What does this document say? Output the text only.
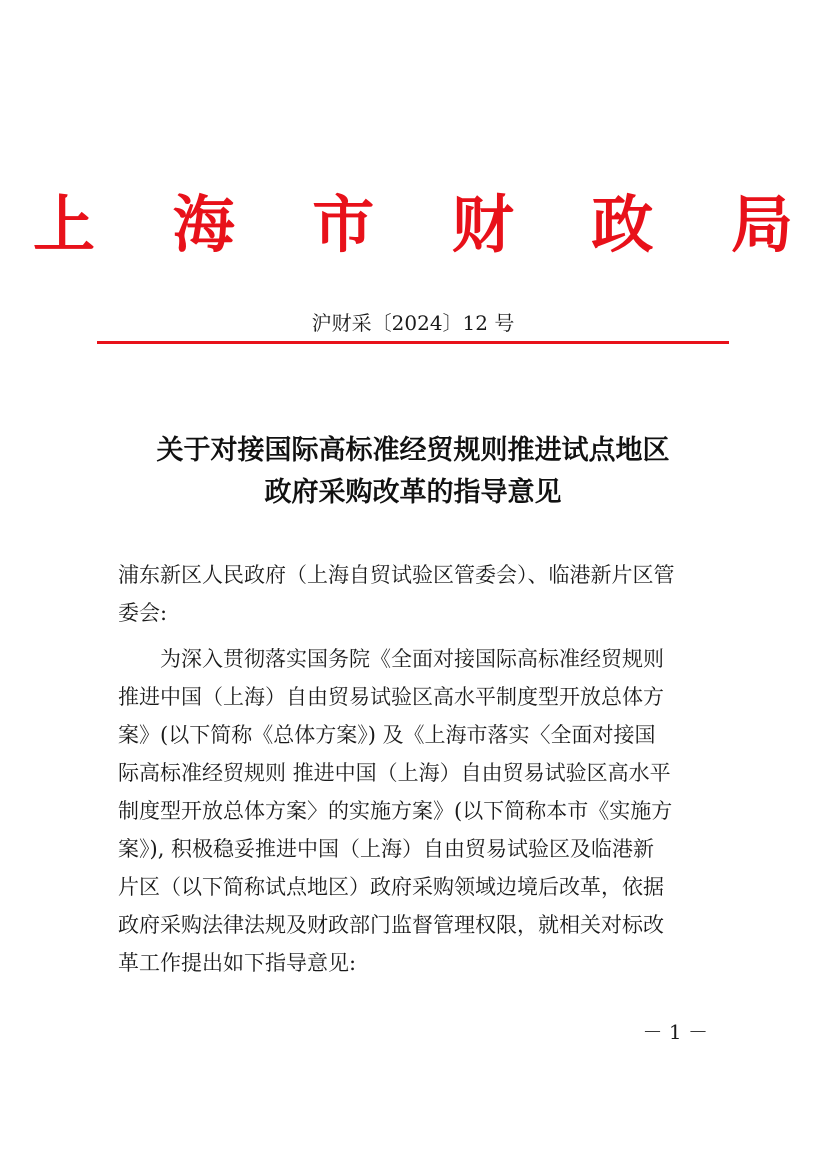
上 海 市 财 政 局
沪财采〔2024〕12 号
关于对接国际高标准经贸规则推进试点地区
政府采购改革的指导意见
浦东新区人民政府（上海自贸试验区管委会）、临港新片区管
委会:
为深入贯彻落实国务院《全面对接国际高标准经贸规则
推进中国（上海）自由贸易试验区高水平制度型开放总体方
案》(以下简称《总体方案》) 及《上海市落实〈全面对接国
际高标准经贸规则 推进中国（上海）自由贸易试验区高水平
制度型开放总体方案〉的实施方案》(以下简称本市《实施方
案》), 积极稳妥推进中国（上海）自由贸易试验区及临港新
片区（以下简称试点地区）政府采购领域边境后改革，依据
政府采购法律法规及财政部门监督管理权限，就相关对标改
革工作提出如下指导意见:
－ 1 －
